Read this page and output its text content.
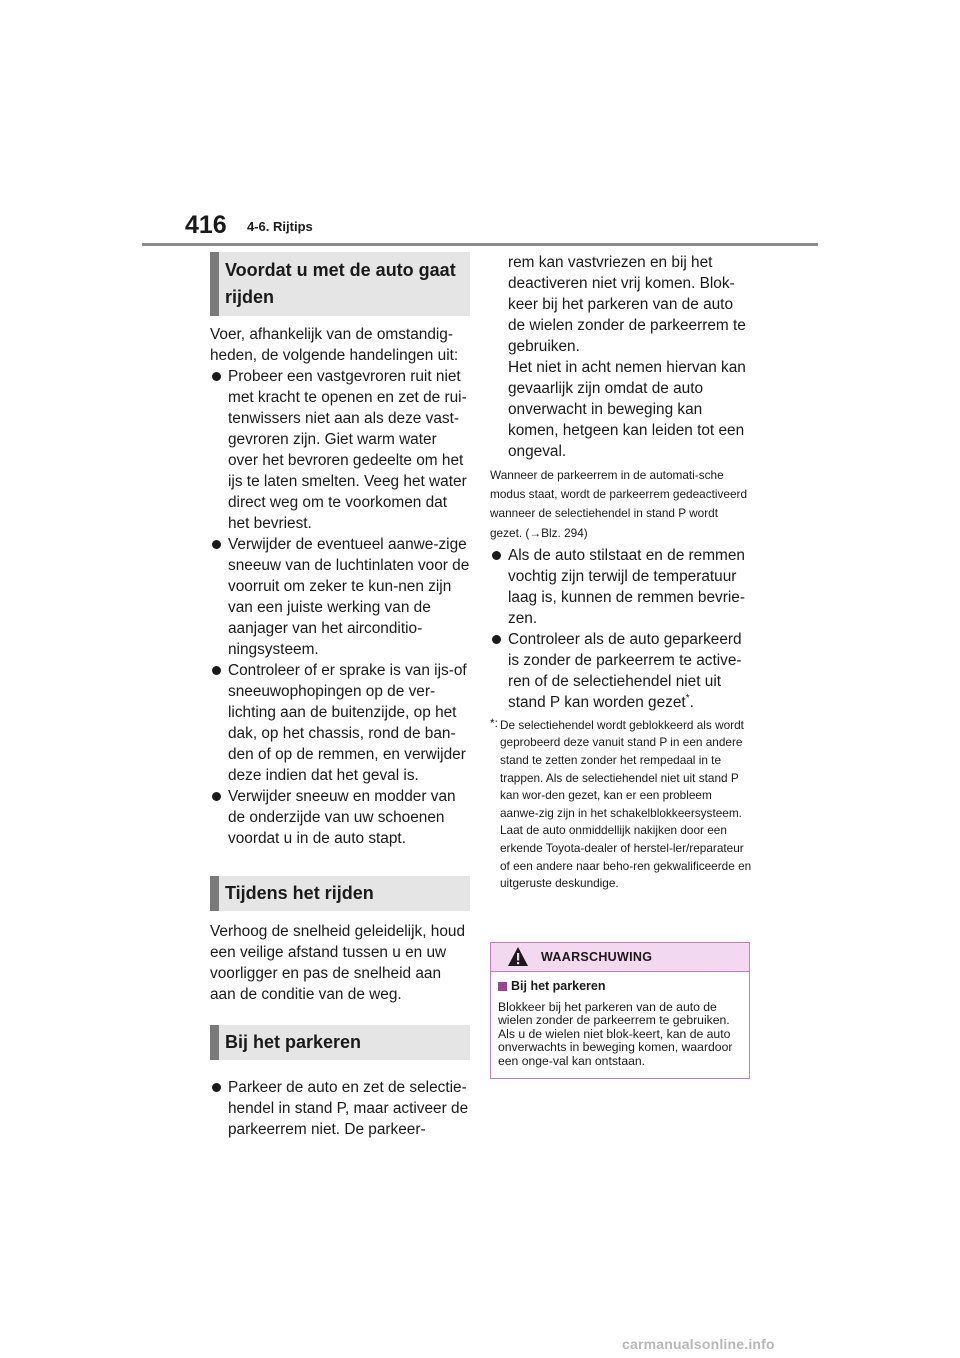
416 4-6. Rijtips
Voordat u met de auto gaat rijden

Voer, afhankelijk van de omstandig-heden, de volgende handelingen uit:

Probeer een vastgevroren ruit niet met kracht te openen en zet de rui-tenwissers niet aan als deze vast-gevroren zijn. Giet warm water over het bevroren gedeelte om het ijs te laten smelten. Veeg het water direct weg om te voorkomen dat het bevriest.
Verwijder de eventueel aanwe-zige sneeuw van de luchtinlaten voor de voorruit om zeker te kun-nen zijn van een juiste werking van de aanjager van het airconditio-ningsysteem.
Controleer of er sprake is van ijs-of sneeuwophopingen op de ver-lichting aan de buitenzijde, op het dak, op het chassis, rond de ban-den of op de remmen, en verwijder deze indien dat het geval is.
Verwijder sneeuw en modder van de onderzijde van uw schoenen voordat u in de auto stapt.
Tijdens het rijden

Verhoog de snelheid geleidelijk, houd een veilige afstand tussen u en uw voorligger en pas de snelheid aan aan de conditie van de weg.

Bij het parkeren
Parkeer de auto en zet de selectie-hendel in stand P, maar activeer de parkeerrem niet. De parkeer-
rem kan vastvriezen en bij het deactiveren niet vrij komen. Blok-keer bij het parkeren van de auto de wielen zonder de parkeerrem te gebruiken.
Het niet in acht nemen hiervan kan gevaarlijk zijn omdat de auto onverwacht in beweging kan komen, hetgeen kan leiden tot een ongeval.

Wanneer de parkeerrem in de automati-sche modus staat, wordt de parkeerrem gedeactiveerd wanneer de selectiehendel in stand P wordt gezet. (→Blz. 294)

Als de auto stilstaat en de remmen vochtig zijn terwijl de temperatuur laag is, kunnen de remmen bevrie-zen.
Controleer als de auto geparkeerd is zonder de parkeerrem te active-ren of de selectiehendel niet uit stand P kan worden gezet*.
*: De selectiehendel wordt geblokkeerd als wordt geprobeerd deze vanuit stand P in een andere stand te zetten zonder het rempedaal in te trappen. Als de selectiehendel niet uit stand P kan wor-den gezet, kan er een probleem aanwe-zig zijn in het schakelblokkeersysteem. Laat de auto onmiddellijk nakijken door een erkende Toyota-dealer of herstel-ler/reparateur of een andere naar beho-ren gekwalificeerde en uitgeruste deskundige.
WAARSCHUWING
Bij het parkeren
Blokkeer bij het parkeren van de auto de wielen zonder de parkeerrem te gebruiken. Als u de wielen niet blok-keert, kan de auto onverwachts in beweging komen, waardoor een onge-val kan ontstaan.
carmanualsonline.info
